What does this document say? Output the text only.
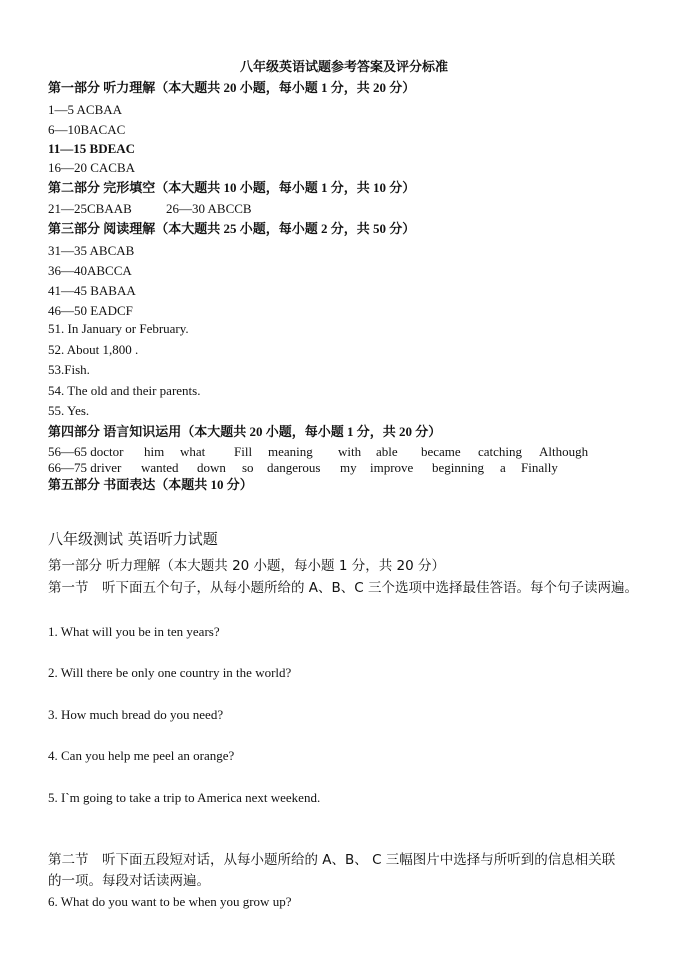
八年级英语试题参考答案及评分标准
第一部分 听力理解（本大题共 20 小题，每小题 1 分，共 20 分）
1—5 ACBAA
6—10BACAC
11—15 BDEAC
16—20 CACBA
第二部分 完形填空（本大题共 10 小题，每小题 1 分，共 10 分）
21—25CBAAB	26—30 ABCCB
第三部分 阅读理解（本大题共 25 小题，每小题 2 分，共 50 分）
31—35 ABCAB
36—40ABCCA
41—45 BABAA
46—50 EADCF
51. In January or February.
52. About 1,800 .
53.Fish.
54. The old and their parents.
55. Yes.
第四部分 语言知识运用（本大题共 20 小题，每小题 1 分，共 20 分）
56—65 doctor him what Fill meaning with able became catching Although
66—75 driver wanted down so dangerous my improve beginning a Finally
第五部分 书面表达（本题共 10 分）
八年级测试 英语听力试题
第一部分 听力理解（本大题共 20 小题，每小题 1 分，共 20 分）
第一节　听下面五个句子，从每小题所给的 A、B、C 三个选项中选择最佳答语。每个句子读两遍。
1. What will you be in ten years?
2. Will there be only one country in the world?
3. How much bread do you need?
4. Can you help me peel an orange?
5. I`m going to take a trip to America next weekend.
第二节　听下面五段短对话，从每小题所给的 A、B、 C 三幅图片中选择与所听到的信息相关联
的一项。每段对话读两遍。
6. What do you want to be when you grow up?
